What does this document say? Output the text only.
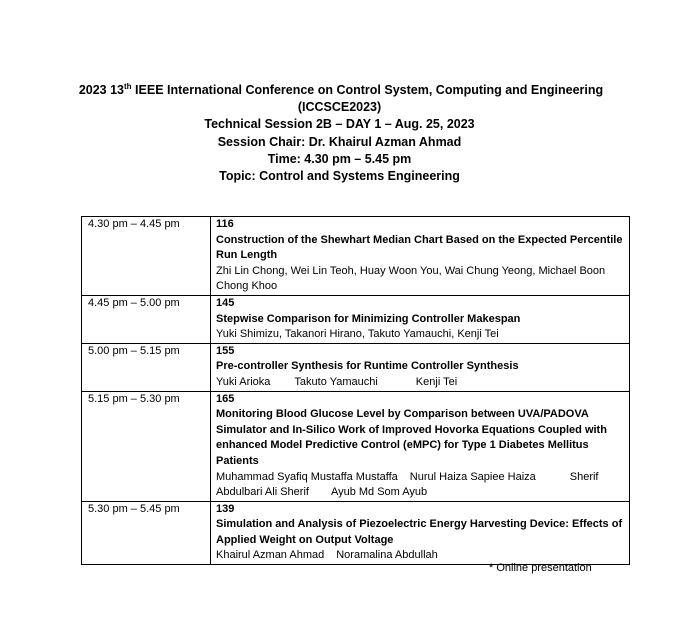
2023 13th IEEE International Conference on Control System, Computing and Engineering
(ICCSCE2023)
Technical Session 2B – DAY 1 – Aug. 25, 2023
Session Chair: Dr. Khairul Azman Ahmad
Time: 4.30 pm – 5.45 pm
Topic: Control and Systems Engineering
4.30 pm – 4.45 pm	116
Construction of the Shewhart Median Chart Based on the Expected Percentile Run Length
Zhi Lin Chong, Wei Lin Teoh, Huay Woon You, Wai Chung Yeong, Michael Boon Chong Khoo

4.45 pm – 5.00 pm	145
Stepwise Comparison for Minimizing Controller Makespan
Yuki Shimizu, Takanori Hirano, Takuto Yamauchi, Kenji Tei

5.00 pm – 5.15 pm	155
Pre-controller Synthesis for Runtime Controller Synthesis
Yuki Arioka Takuto Yamauchi Kenji Tei

5.15 pm – 5.30 pm	165
Monitoring Blood Glucose Level by Comparison between UVA/PADOVA Simulator and In-Silico Work of Improved Hovorka Equations Coupled with enhanced Model Predictive Control (eMPC) for Type 1 Diabetes Mellitus Patients
Muhammad Syafiq Mustaffa Mustaffa Nurul Haiza Sapiee Haiza Sherif Abdulbari Ali Sherif Ayub Md Som Ayub

5.30 pm – 5.45 pm	139
Simulation and Analysis of Piezoelectric Energy Harvesting Device: Effects of Applied Weight on Output Voltage
Khairul Azman Ahmad Noramalina Abdullah
* Online presentation
